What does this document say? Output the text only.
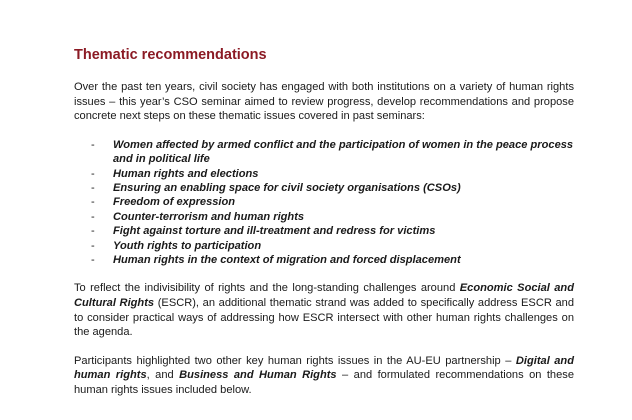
Thematic recommendations

Over the past ten years, civil society has engaged with both institutions on a variety of human rights issues – this year’s CSO seminar aimed to review progress, develop recommendations and propose concrete next steps on these thematic issues covered in past seminars:

- Women affected by armed conflict and the participation of women in the peace process and in political life
- Human rights and elections
- Ensuring an enabling space for civil society organisations (CSOs)
- Freedom of expression
- Counter-terrorism and human rights
- Fight against torture and ill-treatment and redress for victims
- Youth rights to participation
- Human rights in the context of migration and forced displacement

To reflect the indivisibility of rights and the long-standing challenges around Economic Social and Cultural Rights (ESCR), an additional thematic strand was added to specifically address ESCR and to consider practical ways of addressing how ESCR intersect with other human rights challenges on the agenda.

Participants highlighted two other key human rights issues in the AU-EU partnership – Digital and human rights, and Business and Human Rights – and formulated recommendations on these human rights issues included below.
